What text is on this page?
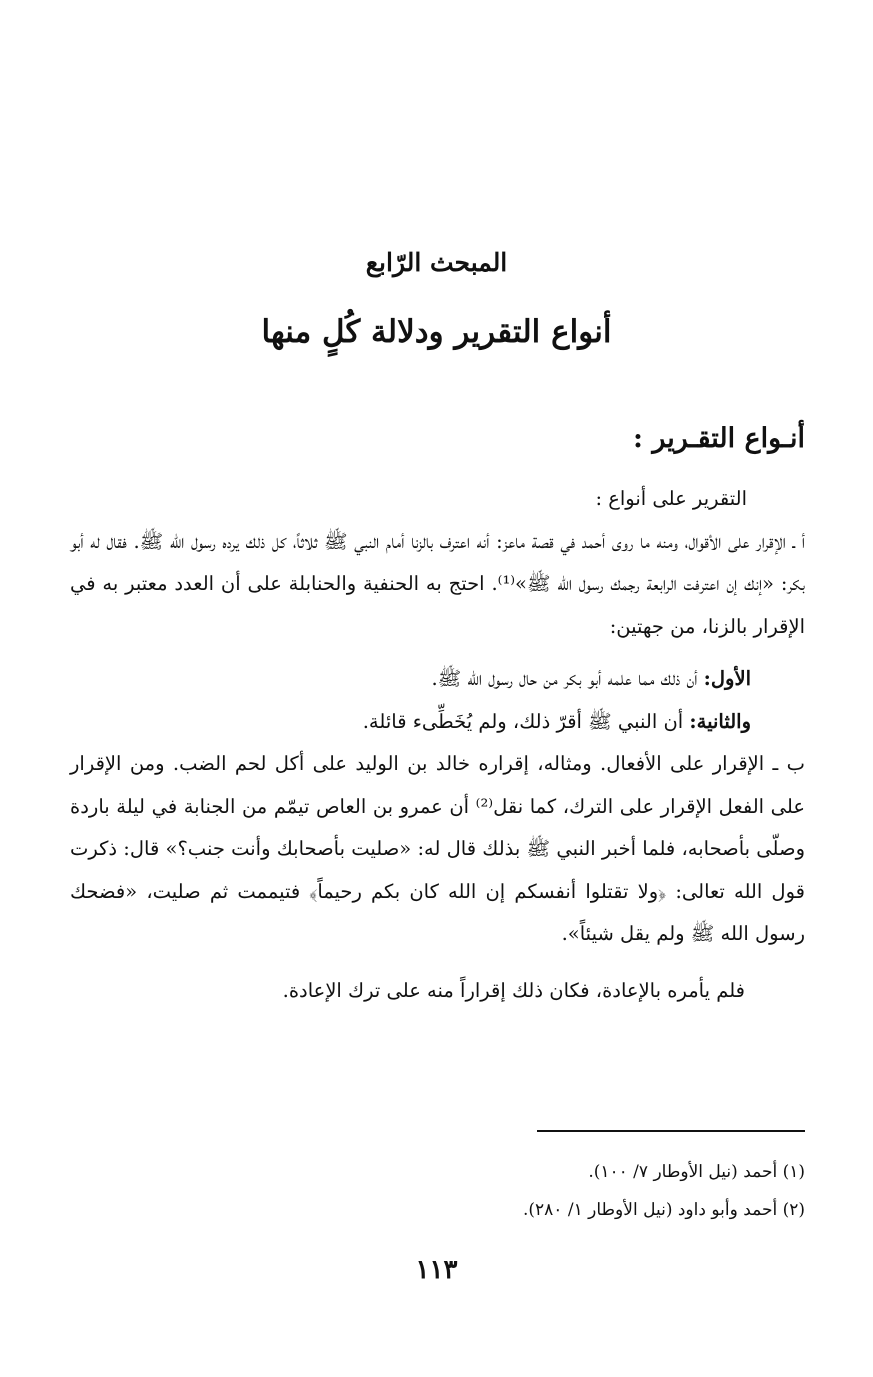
المبحث الرّابع
أنواع التقرير ودلالة كُلٍ منها
أنـواع التقـرير :

التقرير على أنواع :

أ ـ الإقرار على الأقوال، ومنه ما روى أحمد في قصة ماعز: أنه اعترف بالزنا أمام النبي ﷺ ثلاثاً، كل ذلك يرده رسول الله ﷺ. فقال له أبو بكر: «إنك إن اعترفت الرابعة رجمك رسول الله ﷺ»⁽¹⁾. احتج به الحنفية والحنابلة على أن العدد معتبر به في الإقرار بالزنا، من جهتين:

الأول: أن ذلك مما علمه أبو بكر من حال رسول الله ﷺ.

والثانية: أن النبي ﷺ أقرّ ذلك، ولم يُخَطِّىء قائلة.

ب ـ الإقرار على الأفعال. ومثاله، إقراره خالد بن الوليد على أكل لحم الضب. ومن الإقرار على الفعل الإقرار على الترك، كما نقل⁽²⁾ أن عمرو بن العاص تيمّم من الجنابة في ليلة باردة وصلّى بأصحابه، فلما أخبر النبي ﷺ بذلك قال له: «صليت بأصحابك وأنت جنب؟» قال: ذكرت قول الله تعالى: ﴿ولا تقتلوا أنفسكم إن الله كان بكم رحيماً﴾ فتيممت ثم صليت، «فضحك رسول الله ﷺ ولم يقل شيئاً».

فلم يأمره بالإعادة، فكان ذلك إقراراً منه على ترك الإعادة.

(١) أحمد (نيل الأوطار ٧/ ١٠٠).

(٢) أحمد وأبو داود (نيل الأوطار ١/ ٢٨٠).

١١٣
